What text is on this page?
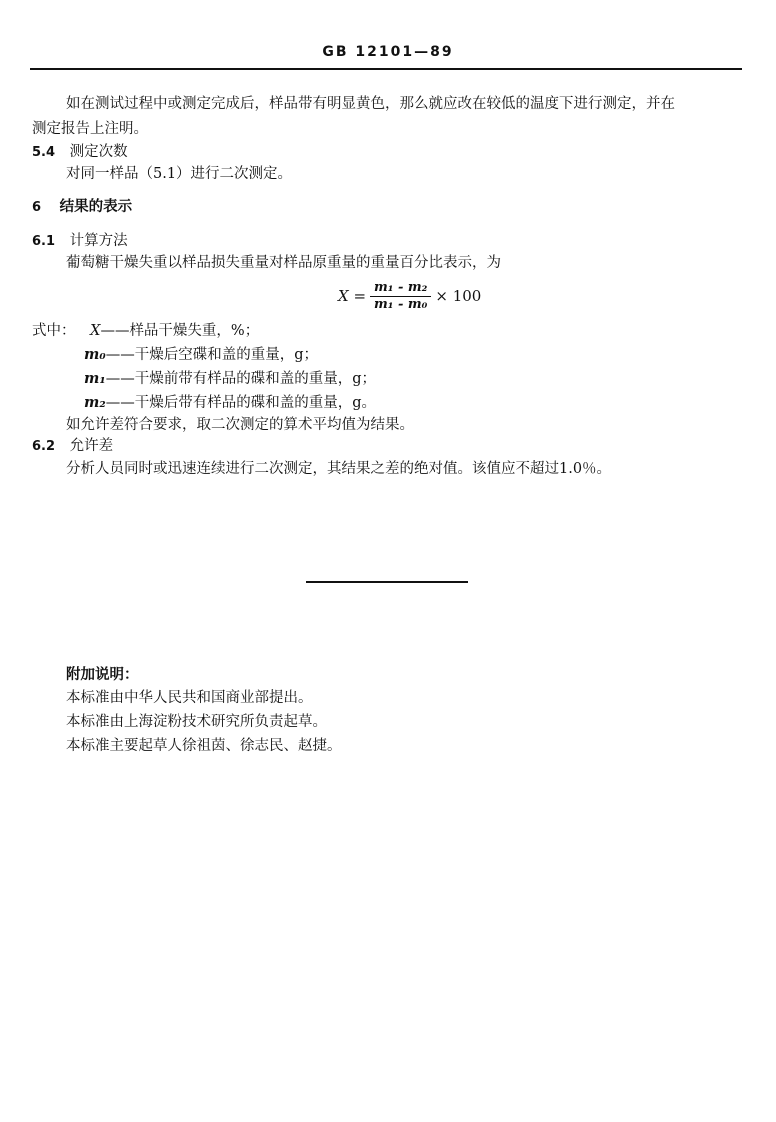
GB 12101—89
如在测试过程中或测定完成后，样品带有明显黄色，那么就应改在较低的温度下进行测定，并在
测定报告上注明。
5.4 测定次数
对同一样品（5.1）进行二次测定。
6 结果的表示
6.1 计算方法
葡萄糖干燥失重以样品损失重量对样品原重量的重量百分比表示，为
$X = \frac{\text{m₁ - m₂}}{\text{m₁ - m₀}} \times 100$
式中： X——样品干燥失重，%；
m₀——干燥后空碟和盖的重量，g；
m₁——干燥前带有样品的碟和盖的重量，g；
m₂——干燥后带有样品的碟和盖的重量，g。
如允许差符合要求，取二次测定的算术平均值为结果。
6.2 允许差
分析人员同时或迅速连续进行二次测定，其结果之差的绝对值。该值应不超过1.0％。
附加说明：
本标准由中华人民共和国商业部提出。
本标准由上海淀粉技术研究所负责起草。
本标准主要起草人徐祖茵、徐志民、赵捷。
